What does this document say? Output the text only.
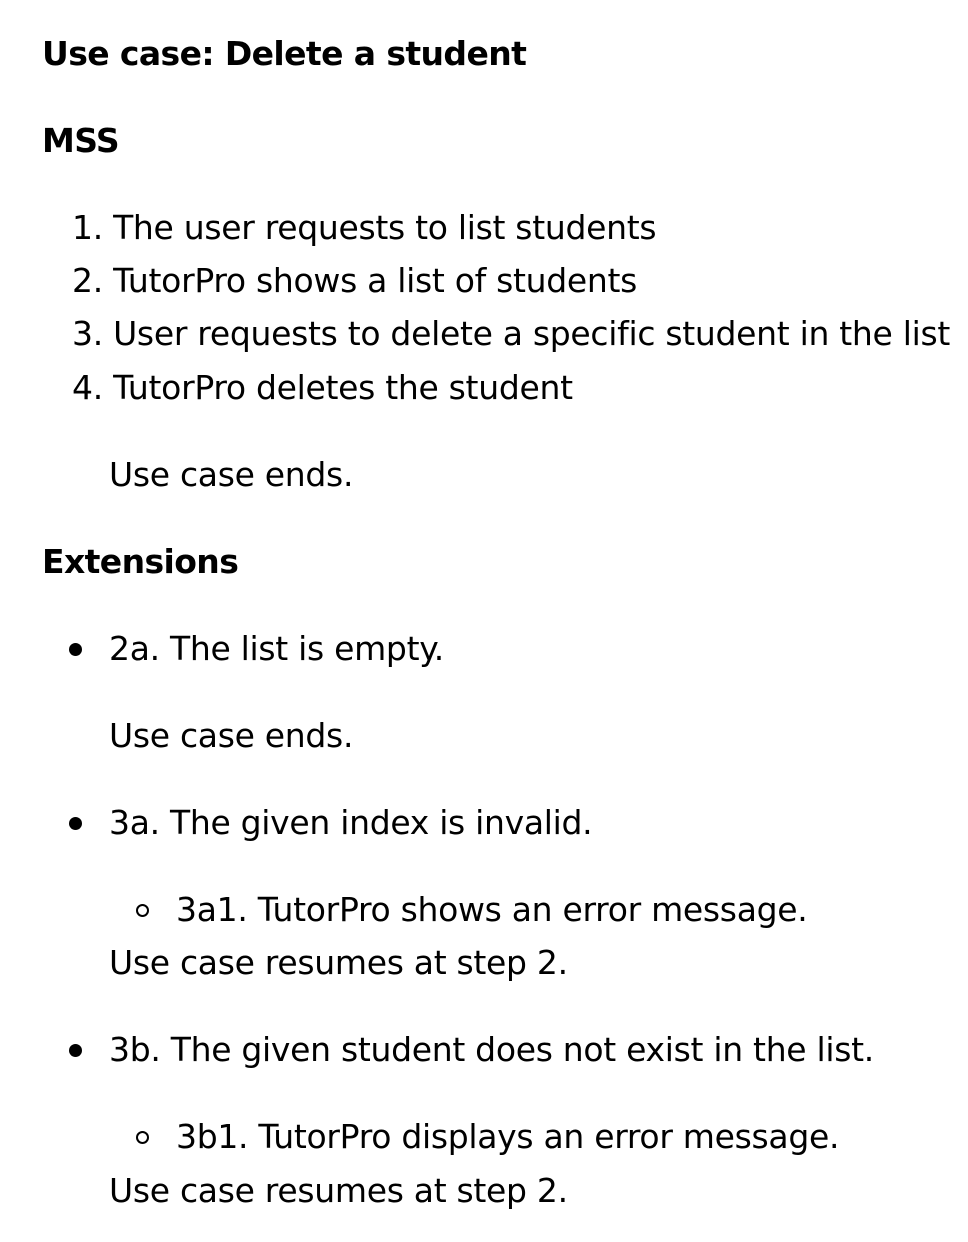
Use case: Delete a student
MSS
1. The user requests to list students
2. TutorPro shows a list of students
3. User requests to delete a specific student in the list
4. TutorPro deletes the student
Use case ends.
Extensions
2a. The list is empty.
Use case ends.
3a. The given index is invalid.
3a1. TutorPro shows an error message.
Use case resumes at step 2.
3b. The given student does not exist in the list.
3b1. TutorPro displays an error message.
Use case resumes at step 2.
